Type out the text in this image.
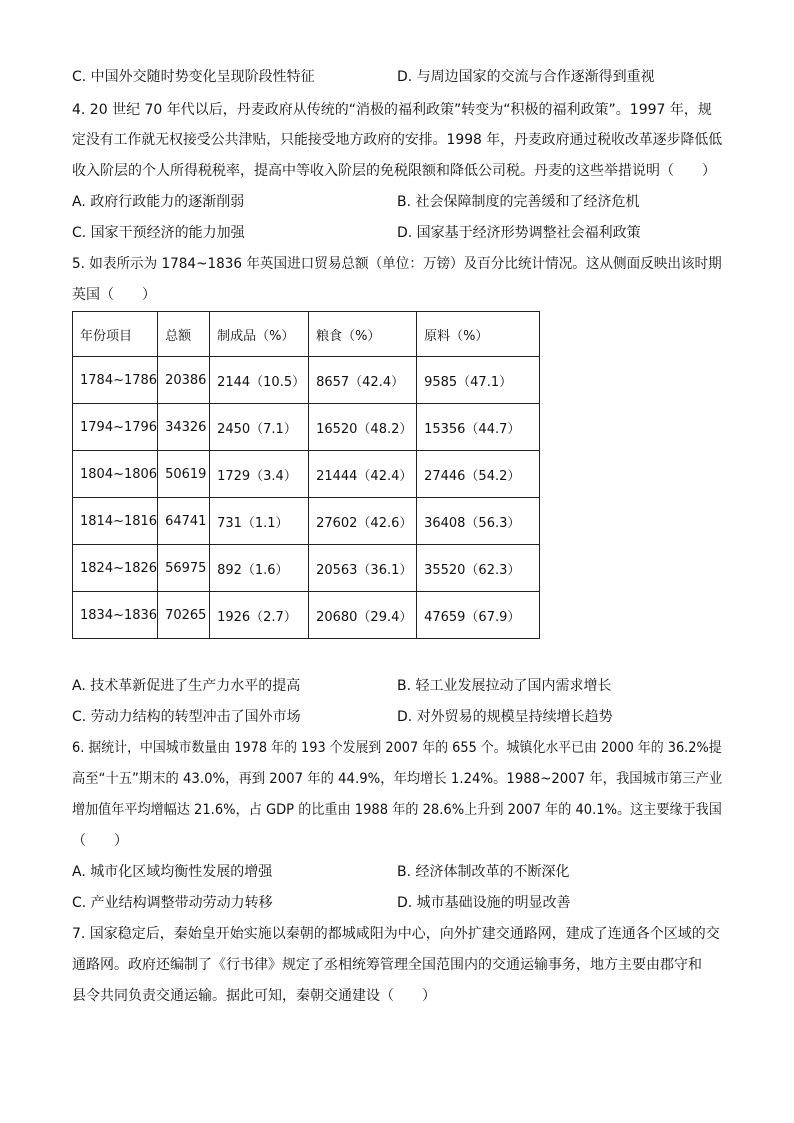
C. 中国外交随时势变化呈现阶段性特征	D. 与周边国家的交流与合作逐渐得到重视
4. 20 世纪 70 年代以后，丹麦政府从传统的“消极的福利政策”转变为“积极的福利政策”。1997 年，规
定没有工作就无权接受公共津贴，只能接受地方政府的安排。1998 年，丹麦政府通过税收改革逐步降低低
收入阶层的个人所得税税率，提高中等收入阶层的免税限额和降低公司税。丹麦的这些举措说明（　　）
A. 政府行政能力的逐渐削弱	B. 社会保障制度的完善缓和了经济危机
C. 国家干预经济的能力加强	D. 国家基于经济形势调整社会福利政策
5. 如表所示为 1784~1836 年英国进口贸易总额（单位：万镑）及百分比统计情况。这从侧面反映出该时期
英国（　　）
年份项目	总额	制成品（%）	粮食（%）	原料（%）
1784~1786	20386	2144（10.5）	8657（42.4）	9585（47.1）
1794~1796	34326	2450（7.1）	16520（48.2）	15356（44.7）
1804~1806	50619	1729（3.4）	21444（42.4）	27446（54.2）
1814~1816	64741	731（1.1）	27602（42.6）	36408（56.3）
1824~1826	56975	892（1.6）	20563（36.1）	35520（62.3）
1834~1836	70265	1926（2.7）	20680（29.4）	47659（67.9）
A. 技术革新促进了生产力水平的提高	B. 轻工业发展拉动了国内需求增长
C. 劳动力结构的转型冲击了国外市场	D. 对外贸易的规模呈持续增长趋势
6. 据统计，中国城市数量由 1978 年的 193 个发展到 2007 年的 655 个。城镇化水平已由 2000 年的 36.2%提
高至“十五”期末的 43.0%，再到 2007 年的 44.9%，年均增长 1.24%。1988~2007 年，我国城市第三产业
增加值年平均增幅达 21.6%，占 GDP 的比重由 1988 年的 28.6%上升到 2007 年的 40.1%。这主要缘于我国
（　　）
A. 城市化区域均衡性发展的增强	B. 经济体制改革的不断深化
C. 产业结构调整带动劳动力转移	D. 城市基础设施的明显改善
7. 国家稳定后，秦始皇开始实施以秦朝的都城咸阳为中心，向外扩建交通路网，建成了连通各个区域的交
通路网。政府还编制了《行书律》规定了丞相统筹管理全国范围内的交通运输事务，地方主要由郡守和
县令共同负责交通运输。据此可知，秦朝交通建设（　　）
